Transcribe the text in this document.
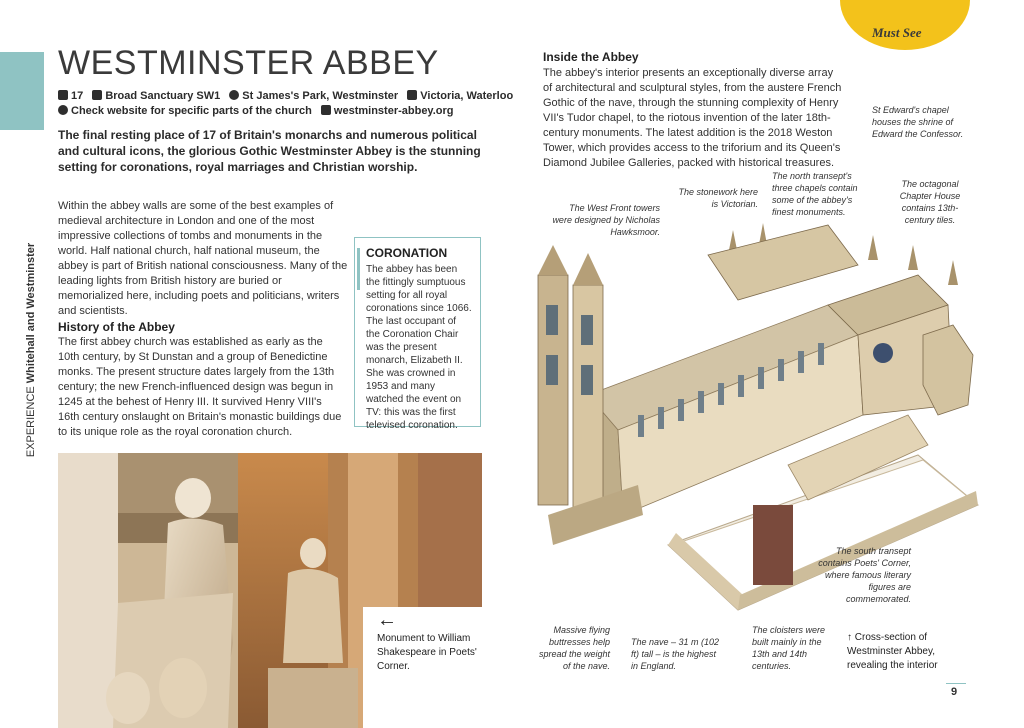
EXPERIENCE Whitehall and Westminster
WESTMINSTER ABBEY
17 Broad Sanctuary SW1 St James's Park, Westminster Victoria, Waterloo
Check website for specific parts of the church westminster-abbey.org

The final resting place of 17 of Britain's monarchs and numerous political and cultural icons, the glorious Gothic Westminster Abbey is the stunning setting for coronations, royal marriages and Christian worship.

Within the abbey walls are some of the best examples of medieval architecture in London and one of the most impressive collections of tombs and monuments in the world. Half national church, half national museum, the abbey is part of British national consciousness. Many of the leading lights from British history are buried or memorialized here, including poets and politicians, writers and scientists.

History of the Abbey

The first abbey church was established as early as the 10th century, by St Dunstan and a group of Benedictine monks. The present structure dates largely from the 13th century; the new French-influenced design was begun in 1245 at the behest of Henry III. It survived Henry VIII's 16th century onslaught on Britain's monastic buildings due to its unique role as the royal coronation church.

CORONATION

The abbey has been the fittingly sumptuous setting for all royal coronations since 1066. The last occupant of the Coronation Chair was the present monarch, Elizabeth II. She was crowned in 1953 and many watched the event on TV: this was the first televised coronation.

←

Monument to William Shakespeare in Poets' Corner.

Must See
Inside the Abbey

The abbey's interior presents an exceptionally diverse array of architectural and sculptural styles, from the austere French Gothic of the nave, through the stunning complexity of Henry VII's Tudor chapel, to the riotous invention of the later 18th-century monuments. The latest addition is the 2018 Weston Tower, which provides access to the triforium and its Queen's Diamond Jubilee Galleries, packed with historical treasures.

The West Front towers were designed by Nicholas Hawksmoor.

The stonework here is Victorian.

The north transept's three chapels contain some of the abbey's finest monuments.

St Edward's chapel houses the shrine of Edward the Confessor.

The octagonal Chapter House contains 13th-century tiles.

The south transept contains Poets' Corner, where famous literary figures are commemorated.

Massive flying buttresses help spread the weight of the nave.

The nave – 31 m (102 ft) tall – is the highest in England.

The cloisters were built mainly in the 13th and 14th centuries.

↑ Cross-section of Westminster Abbey, revealing the interior
9
